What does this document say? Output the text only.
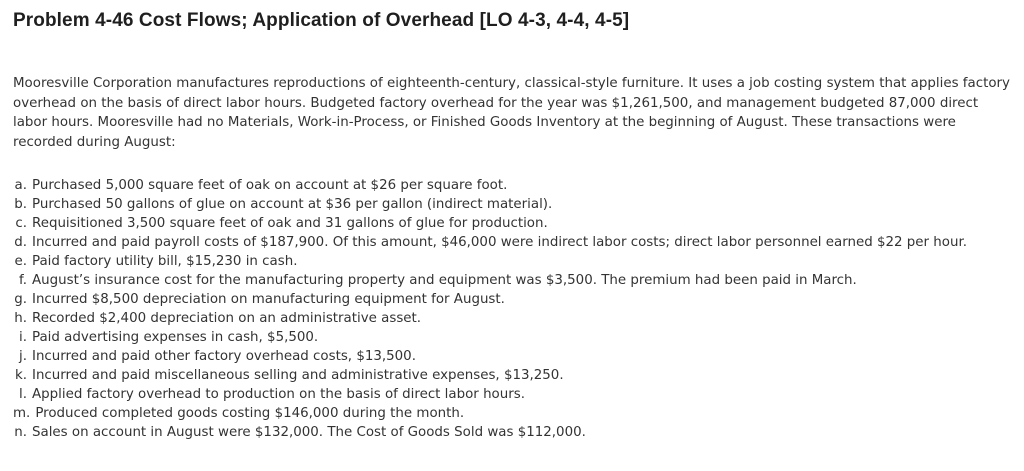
Problem 4-46 Cost Flows; Application of Overhead [LO 4-3, 4-4, 4-5]

Mooresville Corporation manufactures reproductions of eighteenth-century, classical-style furniture. It uses a job costing system that applies factory overhead on the basis of direct labor hours. Budgeted factory overhead for the year was $1,261,500, and management budgeted 87,000 direct labor hours. Mooresville had no Materials, Work-in-Process, or Finished Goods Inventory at the beginning of August. These transactions were recorded during August:

a. Purchased 5,000 square feet of oak on account at $26 per square foot.
b. Purchased 50 gallons of glue on account at $36 per gallon (indirect material).
c. Requisitioned 3,500 square feet of oak and 31 gallons of glue for production.
d. Incurred and paid payroll costs of $187,900. Of this amount, $46,000 were indirect labor costs; direct labor personnel earned $22 per hour.
e. Paid factory utility bill, $15,230 in cash.
f. August’s insurance cost for the manufacturing property and equipment was $3,500. The premium had been paid in March.
g. Incurred $8,500 depreciation on manufacturing equipment for August.
h. Recorded $2,400 depreciation on an administrative asset.
i. Paid advertising expenses in cash, $5,500.
j. Incurred and paid other factory overhead costs, $13,500.
k. Incurred and paid miscellaneous selling and administrative expenses, $13,250.
l. Applied factory overhead to production on the basis of direct labor hours.
m. Produced completed goods costing $146,000 during the month.
n. Sales on account in August were $132,000. The Cost of Goods Sold was $112,000.
